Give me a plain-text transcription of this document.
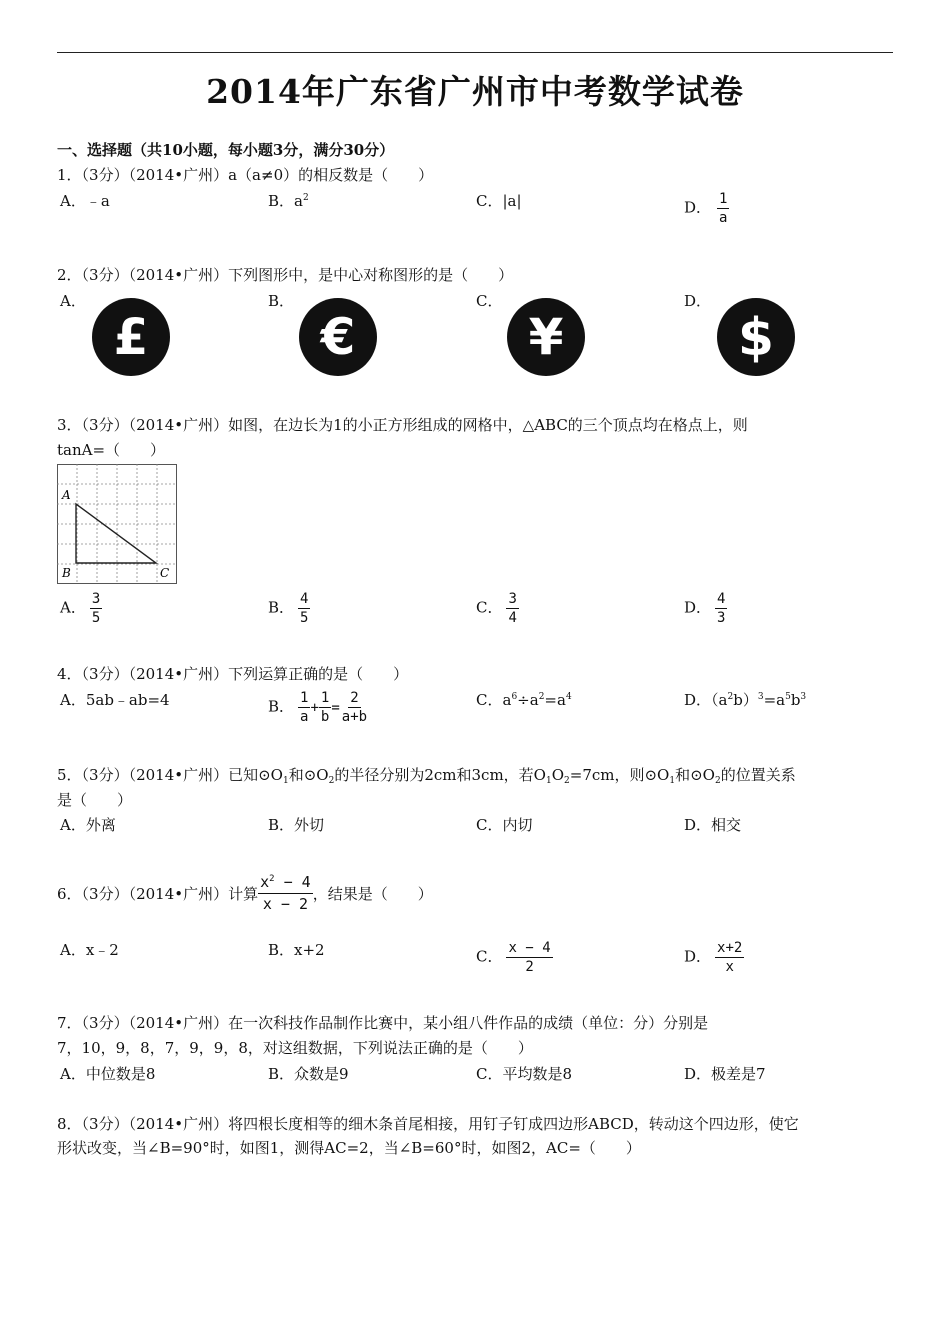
2014年广东省广州市中考数学试卷
一、选择题（共10小题，每小题3分，满分30分）
1．（3分）（2014•广州）a（a≠0）的相反数是（　　）
A．﹣a	B．$a^2$	C．|a|	D． $\frac{1}{a}$
2．（3分）（2014•广州）下列图形中，是中心对称图形的是（　　）
A．	B．	C．	D．
£	€	¥	$
3．（3分）（2014•广州）如图，在边长为1的小正方形组成的网格中，△ABC的三个顶点均在格点上，则
tanA=（　　）
A
B	C
A． $\frac{3}{5}$	B． $\frac{4}{5}$	C． $\frac{3}{4}$	D． $\frac{4}{3}$
4．（3分）（2014•广州）下列运算正确的是（　　）
A．5ab﹣ab=4	B． $\frac{1}{a} + \frac{1}{b} = \frac{2}{a+b}$	C．$a^6\div a^2=a^4$	D．$(a^2b)^3=a^5b^3$
5．（3分）（2014•广州）已知$⊙O_1$和$⊙O_2$的半径分别为2cm和3cm，若$O_1O_2=7cm$，则$⊙O_1$和$⊙O_2$的位置关系
是（　　）
A．外离	B．外切	C．内切	D．相交
6．（3分）（2014•广州）计算 $\frac{x^2 - 4}{x - 2}$ ，结果是（　　）
A．x﹣2	B．x+2	C． $\frac{x - 4}{2}$	D． $\frac{x+2}{x}$
7．（3分）（2014•广州）在一次科技作品制作比赛中，某小组八件作品的成绩（单位：分）分别是
7，10，9，8，7，9，9，8，对这组数据，下列说法正确的是（　　）
A．中位数是8	B．众数是9	C．平均数是8	D．极差是7
8．（3分）（2014•广州）将四根长度相等的细木条首尾相接，用钉子钉成四边形ABCD，转动这个四边形，使它
形状改变，当∠B=90°时，如图1，测得AC=2，当∠B=60°时，如图2，AC=（　　）
